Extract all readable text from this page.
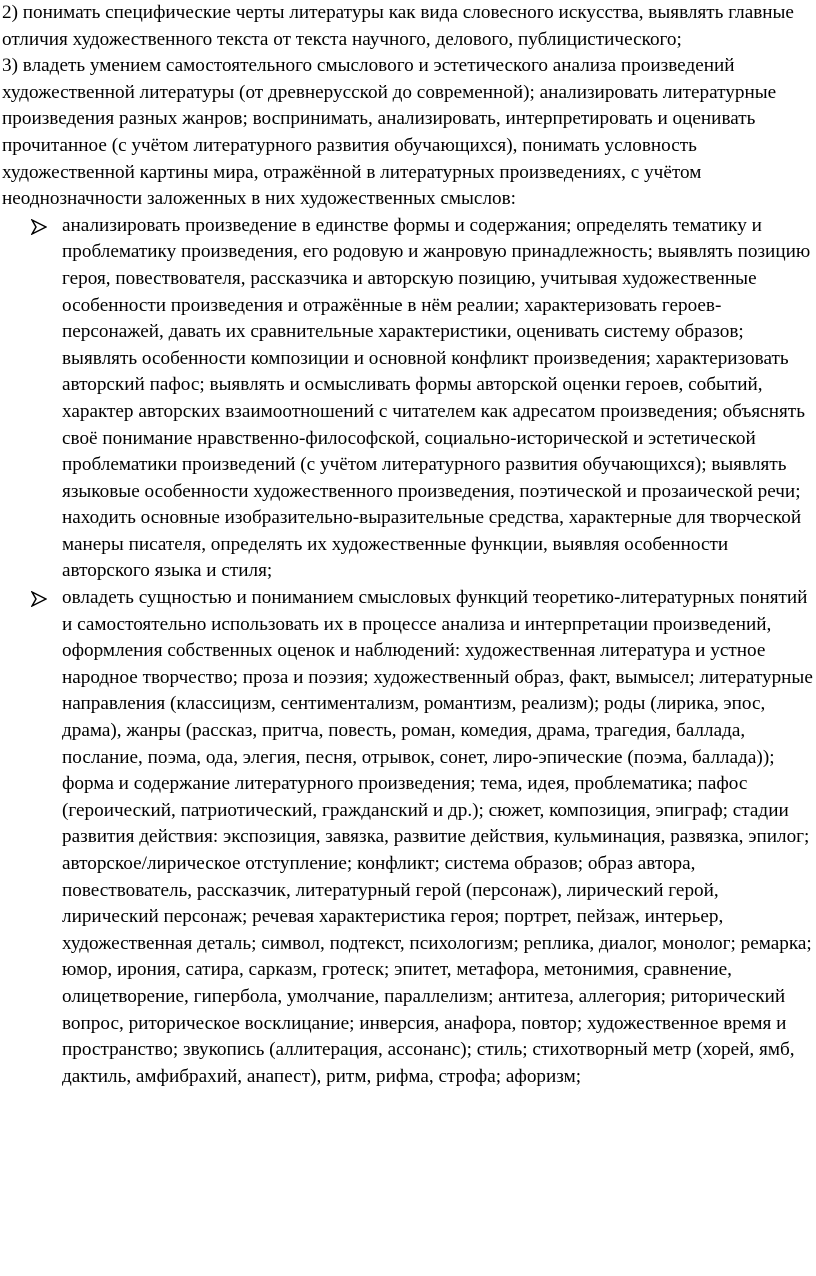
2) понимать специфические черты литературы как вида словесного искусства, выявлять главные отличия художественного текста от текста научного, делового, публицистического;

3) владеть умением самостоятельного смыслового и эстетического анализа произведений художественной литературы (от древнерусской до современной); анализировать литературные произведения разных жанров; воспринимать, анализировать, интерпретировать и оценивать прочитанное (с учётом литературного развития обучающихся), понимать условность художественной картины мира, отражённой в литературных произведениях, с учётом неоднозначности заложенных в них художественных смыслов:

анализировать произведение в единстве формы и содержания; определять тематику и проблематику произведения, его родовую и жанровую принадлежность; выявлять позицию героя, повествователя, рассказчика и авторскую позицию, учитывая художественные особенности произведения и отражённые в нём реалии; характеризовать героев-персонажей, давать их сравнительные характеристики, оценивать систему образов; выявлять особенности композиции и основной конфликт произведения; характеризовать авторский пафос; выявлять и осмысливать формы авторской оценки героев, событий, характер авторских взаимоотношений с читателем как адресатом произведения; объяснять своё понимание нравственно-философской, социально-исторической и эстетической проблематики произведений (с учётом литературного развития обучающихся); выявлять языковые особенности художественного произведения, поэтической и прозаической речи; находить основные изобразительно-выразительные средства, характерные для творческой манеры писателя, определять их художественные функции, выявляя особенности авторского языка и стиля;
овладеть сущностью и пониманием смысловых функций теоретико-литературных понятий и самостоятельно использовать их в процессе анализа и интерпретации произведений, оформления собственных оценок и наблюдений: художественная литература и устное народное творчество; проза и поэзия; художественный образ, факт, вымысел; литературные направления (классицизм, сентиментализм, романтизм, реализм); роды (лирика, эпос, драма), жанры (рассказ, притча, повесть, роман, комедия, драма, трагедия, баллада, послание, поэма, ода, элегия, песня, отрывок, сонет, лиро-эпические (поэма, баллада)); форма и содержание литературного произведения; тема, идея, проблематика; пафос (героический, патриотический, гражданский и др.); сюжет, композиция, эпиграф; стадии развития действия: экспозиция, завязка, развитие действия, кульминация, развязка, эпилог; авторское/лирическое отступление; конфликт; система образов; образ автора, повествователь, рассказчик, литературный герой (персонаж), лирический герой, лирический персонаж; речевая характеристика героя; портрет, пейзаж, интерьер, художественная деталь; символ, подтекст, психологизм; реплика, диалог, монолог; ремарка; юмор, ирония, сатира, сарказм, гротеск; эпитет, метафора, метонимия, сравнение, олицетворение, гипербола, умолчание, параллелизм; антитеза, аллегория; риторический вопрос, риторическое восклицание; инверсия, анафора, повтор; художественное время и пространство; звукопись (аллитерация, ассонанс); стиль; стихотворный метр (хорей, ямб, дактиль, амфибрахий, анапест), ритм, рифма, строфа; афоризм;
